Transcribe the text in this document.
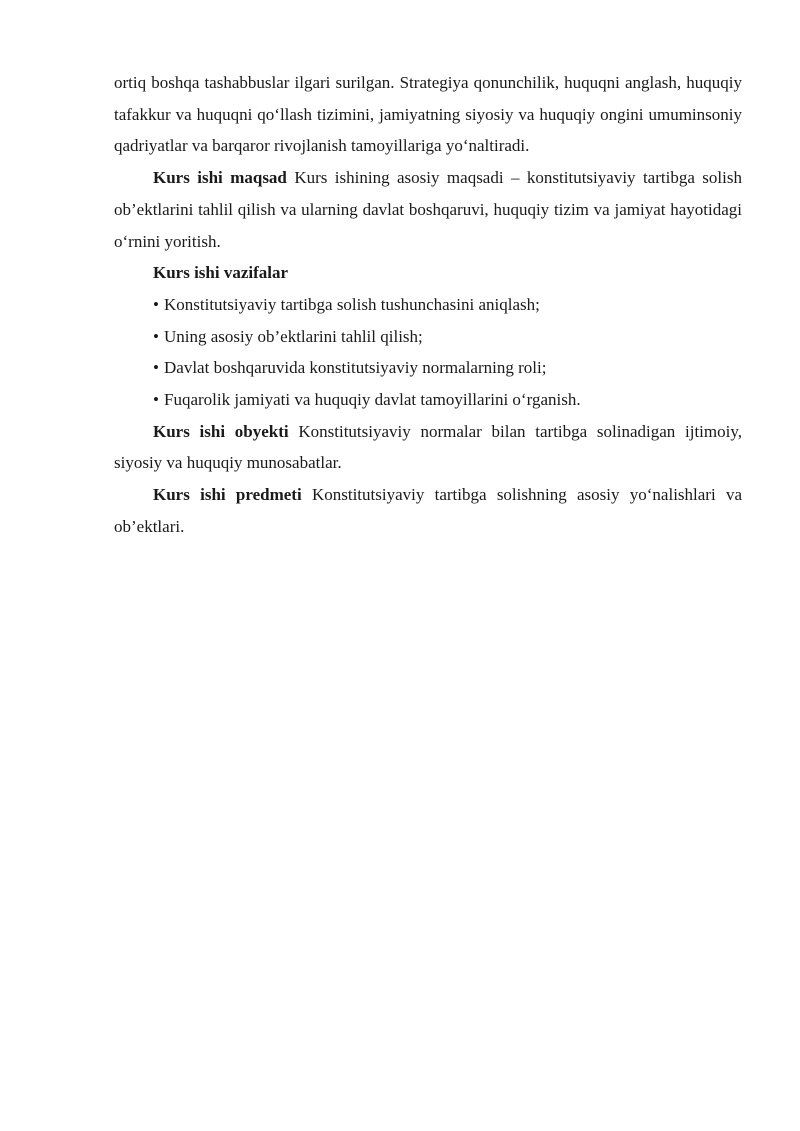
ortiq boshqa tashabbuslar ilgari surilgan. Strategiya qonunchilik, huquqni anglash, huquqiy tafakkur va huquqni qo‘llash tizimini, jamiyatning siyosiy va huquqiy ongini umuminsoniy qadriyatlar va barqaror rivojlanish tamoyillariga yo‘naltiradi.

Kurs ishi maqsad Kurs ishining asosiy maqsadi – konstitutsiyaviy tartibga solish ob’ektlarini tahlil qilish va ularning davlat boshqaruvi, huquqiy tizim va jamiyat hayotidagi o‘rnini yoritish.

Kurs ishi vazifalar

• Konstitutsiyaviy tartibga solish tushunchasini aniqlash;
• Uning asosiy ob’ektlarini tahlil qilish;
• Davlat boshqaruvida konstitutsiyaviy normalarning roli;
• Fuqarolik jamiyati va huquqiy davlat tamoyillarini o‘rganish.

Kurs ishi obyekti Konstitutsiyaviy normalar bilan tartibga solinadigan ijtimoiy, siyosiy va huquqiy munosabatlar.

Kurs ishi predmeti Konstitutsiyaviy tartibga solishning asosiy yo‘nalishlari va ob’ektlari.
